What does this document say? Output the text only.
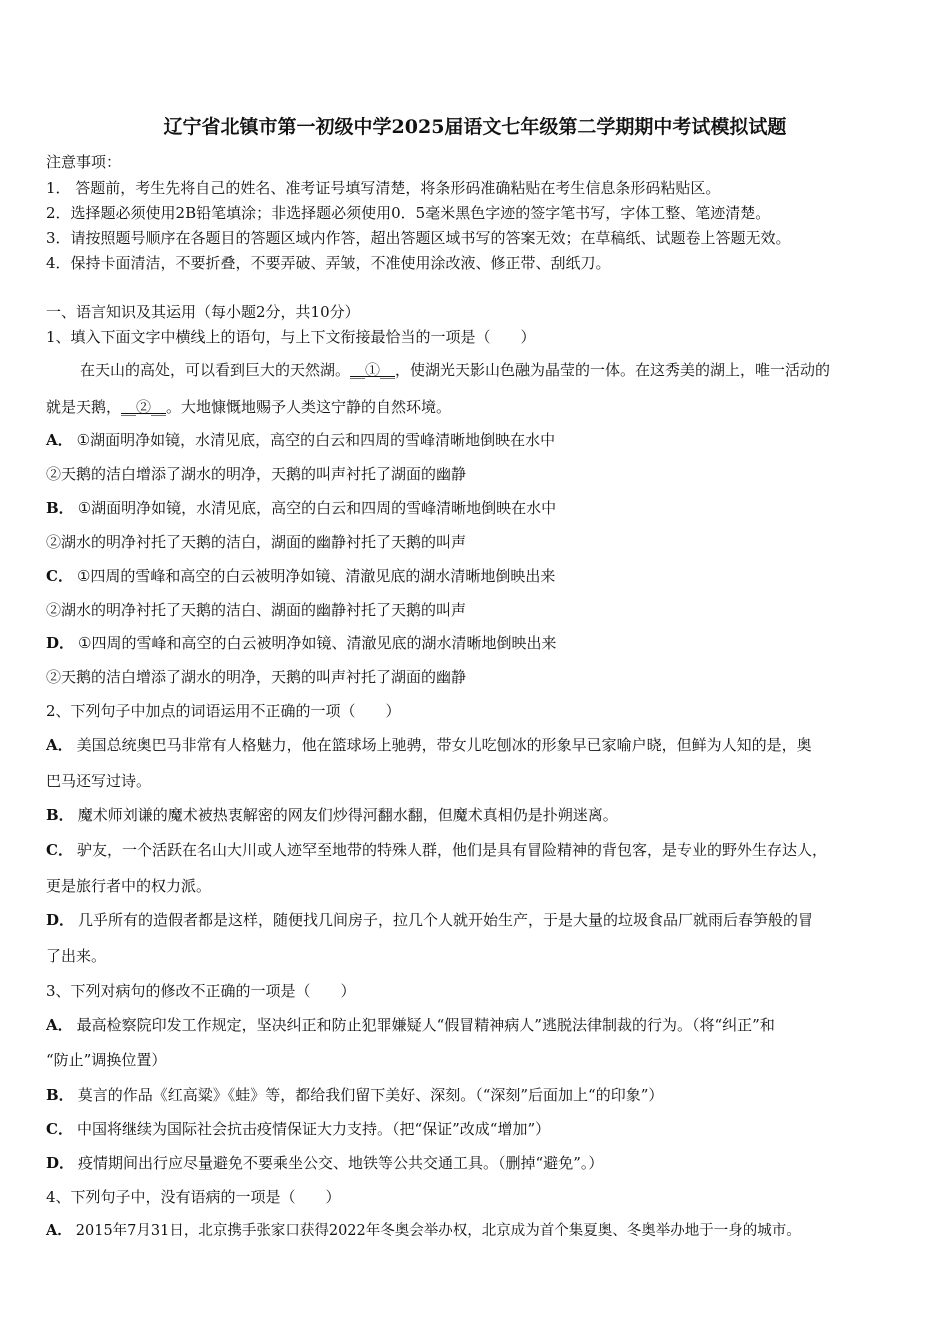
辽宁省北镇市第一初级中学2025届语文七年级第二学期期中考试模拟试题
注意事项：
1． 答题前，考生先将自己的姓名、准考证号填写清楚，将条形码准确粘贴在考生信息条形码粘贴区。
2．选择题必须使用2B铅笔填涂；非选择题必须使用0．5毫米黑色字迹的签字笔书写，字体工整、笔迹清楚。
3．请按照题号顺序在各题目的答题区域内作答，超出答题区域书写的答案无效；在草稿纸、试题卷上答题无效。
4．保持卡面清洁，不要折叠，不要弄破、弄皱，不准使用涂改液、修正带、刮纸刀。
一、语言知识及其运用（每小题2分，共10分）
1、填入下面文字中横线上的语句，与上下文衔接最恰当的一项是（　　）
在天山的高处，可以看到巨大的天然湖。__①__，使湖光天影山色融为晶莹的一体。在这秀美的湖上，唯一活动的
就是天鹅，__②__。大地慷慨地赐予人类这宁静的自然环境。
A． ①湖面明净如镜，水清见底，高空的白云和四周的雪峰清晰地倒映在水中
②天鹅的洁白增添了湖水的明净，天鹅的叫声衬托了湖面的幽静
B． ①湖面明净如镜，水清见底，高空的白云和四周的雪峰清晰地倒映在水中
②湖水的明净衬托了天鹅的洁白，湖面的幽静衬托了天鹅的叫声
C． ①四周的雪峰和高空的白云被明净如镜、清澈见底的湖水清晰地倒映出来
②湖水的明净衬托了天鹅的洁白、湖面的幽静衬托了天鹅的叫声
D． ①四周的雪峰和高空的白云被明净如镜、清澈见底的湖水清晰地倒映出来
②天鹅的洁白增添了湖水的明净，天鹅的叫声衬托了湖面的幽静
2、下列句子中加点的词语运用不正确的一项（　　）
A． 美国总统奥巴马非常有人格魅力，他在篮球场上驰骋，带女儿吃刨冰的形象早已家喻户晓，但鲜为人知的是，奥
巴马还写过诗。
B． 魔术师刘谦的魔术被热衷解密的网友们炒得河翻水翻，但魔术真相仍是扑朔迷离。
C． 驴友，一个活跃在名山大川或人迹罕至地带的特殊人群，他们是具有冒险精神的背包客，是专业的野外生存达人，
更是旅行者中的权力派。
D． 几乎所有的造假者都是这样，随便找几间房子，拉几个人就开始生产，于是大量的垃圾食品厂就雨后春笋般的冒
了出来。
3、下列对病句的修改不正确的一项是（　　）
A． 最高检察院印发工作规定，坚决纠正和防止犯罪嫌疑人“假冒精神病人”逃脱法律制裁的行为。（将“纠正”和
“防止”调换位置）
B． 莫言的作品《红高粱》《蛙》等，都给我们留下美好、深刻。（“深刻”后面加上“的印象”）
C． 中国将继续为国际社会抗击疫情保证大力支持。（把“保证”改成“增加”）
D． 疫情期间出行应尽量避免不要乘坐公交、地铁等公共交通工具。（删掉“避免”。）
4、下列句子中，没有语病的一项是（　　）
A． 2015年7月31日，北京携手张家口获得2022年冬奥会举办权，北京成为首个集夏奥、冬奥举办地于一身的城市。
